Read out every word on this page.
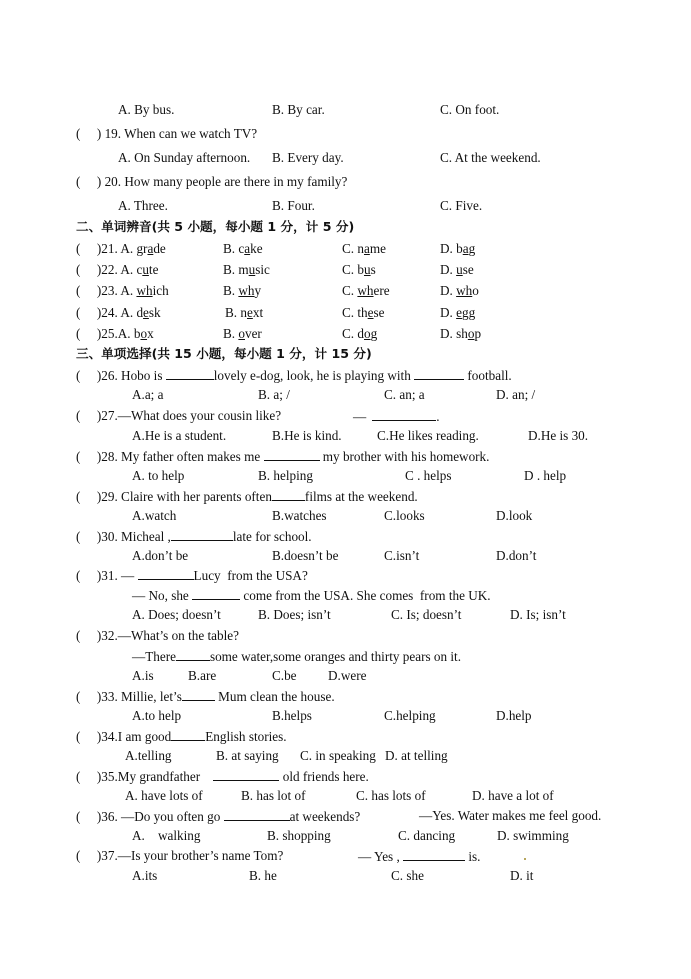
A. By bus.	B. By car.	C. On foot.
(     ) 19. When can we watch TV?
A. On Sunday afternoon. B. Every day.	C. At the weekend.
(     ) 20. How many people are there in my family?
A. Three.	B. Four.	C. Five.
二、单词辨音(共 5 小题，每小题 1 分，计 5 分)
(     )21. A. grade	B. cake	C. name	D. bag
(     )22. A. cute	B. music	C. bus	D. use
(     )23. A. which	B. why	C. where	D. who
(     )24. A. desk	B. next	C. these	D. egg
(     )25.A. box	B. over	C. dog	D. shop
三、单项选择(共 15 小题，每小题 1 分，计 15 分)
(     )26. Hobo is	lovely e-dog, look, he is playing with	football.
A.a; a	B. a; /	C. an; a	D. an; /
(     )27.—What does your cousin like?	—	.
A.He is a student.	B.He is kind.	C.He likes reading.	D.He is 30.
(     )28. My father often makes me	my brother with his homework.
A. to help	B. helping	C . helps	D . help
(     )29. Claire with her parents often	films at the weekend.
A.watch	B.watches	C.looks	D.look
(     )30. Micheal ,	late for school.
A.don’t be	B.doesn’t be	C.isn’t	D.don’t
(     )31. —	Lucy  from the USA?
— No, she	come from the USA. She comes  from the UK.
A. Does; doesn’t	B. Does; isn’t	C. Is; doesn’t	D. Is; isn’t
(     )32.—What’s on the table?
—There	some water,some oranges and thirty pears on it.
A.is	B.are	C.be D.were
(     )33. Millie, let’s	Mum clean the house.
A.to help	B.helps	C.helping	D.help
(     )34.I am good	English stories.
A.telling	B. at saying C. in speaking D. at telling
(     )35.My grandfather	old friends here.
A. have lots of	B. has lot of	C. has lots of	D. have a lot of
(     )36. —Do you often go	at weekends?	—Yes. Water makes me feel good.
A.    walking	B. shopping	C. dancing	D. swimming
(     )37.—Is your brother’s name Tom?	— Yes ,	is.
A.its	B. he	C. she	D. it
